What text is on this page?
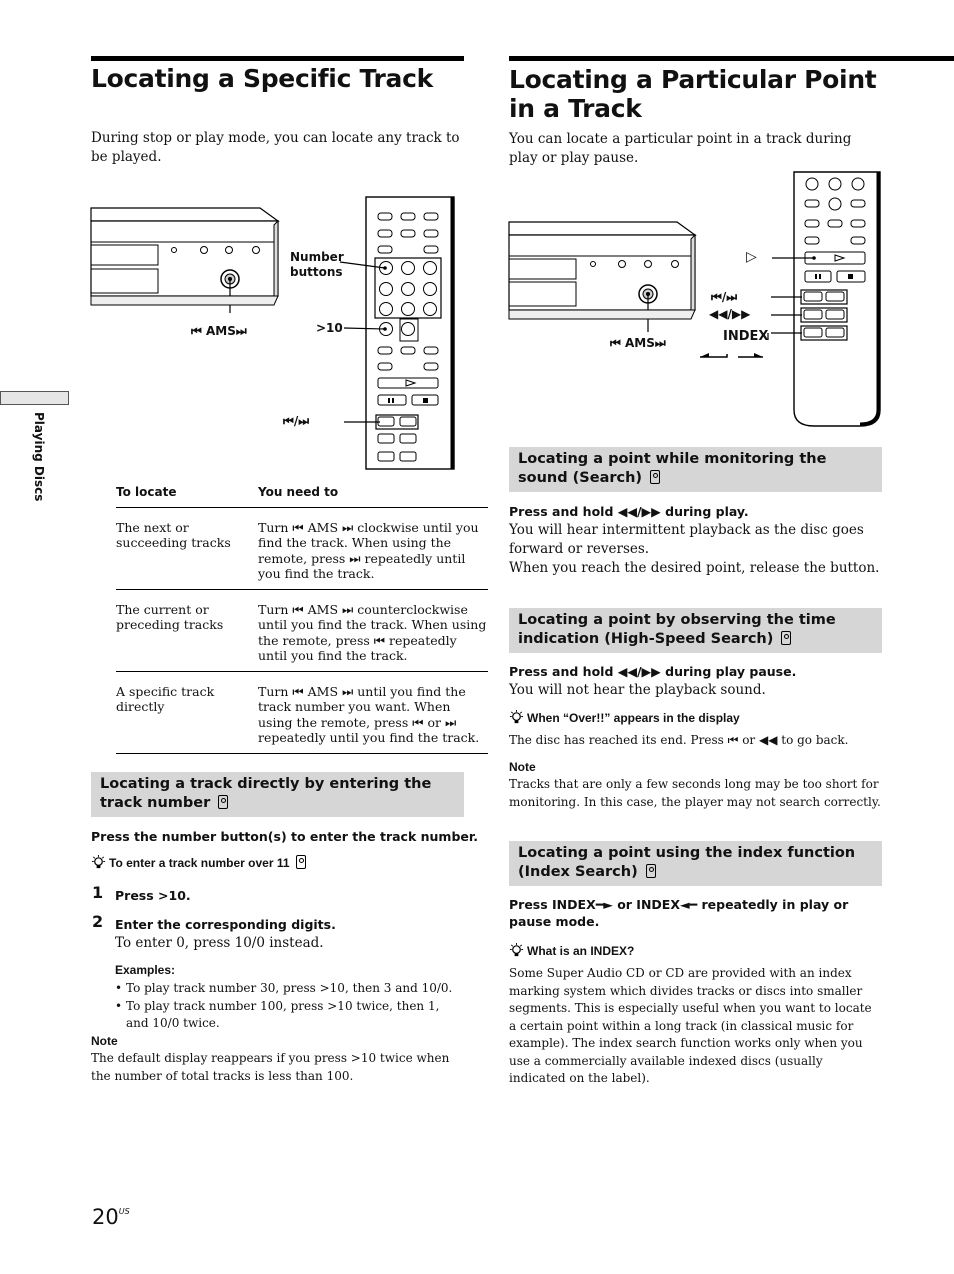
Playing Discs
Locating a Specific Track
During stop or play mode, you can locate any track to be played.
Number
buttons
>10
⏮ AMS⏭
⏮/⏭
To locate	You need to
The next or succeeding tracks	Turn ⏮ AMS ⏭ clockwise until you find the track. When using the remote, press ⏭ repeatedly until you find the track.
The current or preceding tracks	Turn ⏮ AMS ⏭ counterclockwise until you find the track. When using the remote, press ⏮ repeatedly until you find the track.
A specific track directly	Turn ⏮ AMS ⏭ until you find the track number you want. When using the remote, press ⏮ or ⏭ repeatedly until you find the track.
Locating a track directly by entering the track number
Press the number button(s) to enter the track number.
To enter a track number over 11
1 Press >10.
2 Enter the corresponding digits.
To enter 0, press 10/0 instead.
Examples:
• To play track number 30, press >10, then 3 and 10/0.
• To play track number 100, press >10 twice, then 1, and 10/0 twice.
Note
The default display reappears if you press >10 twice when the number of total tracks is less than 100.
Locating a Particular Point
in a Track
You can locate a particular point in a track during play or play pause.
▷
⏮/⏭
◀◀/▶▶
INDEX
⏮ AMS⏭
Locating a point while monitoring the
sound (Search)
Press and hold ◀◀/▶▶ during play.
You will hear intermittent playback as the disc goes forward or reverses.
When you reach the desired point, release the button.
Locating a point by observing the time
indication (High-Speed Search)
Press and hold ◀◀/▶▶ during play pause.
You will not hear the playback sound.
When “Over!!” appears in the display
The disc has reached its end. Press ⏮ or ◀◀ to go back.
Note
Tracks that are only a few seconds long may be too short for monitoring. In this case, the player may not search correctly.
Locating a point using the index function
(Index Search)
Press INDEX━► or INDEX◄━ repeatedly in play or pause mode.
What is an INDEX?
Some Super Audio CD or CD are provided with an index marking system which divides tracks or discs into smaller segments. This is especially useful when you want to locate a certain point within a long track (in classical music for example). The index search function works only when you use a commercially available indexed discs (usually indicated on the label).
$20^{US}$
